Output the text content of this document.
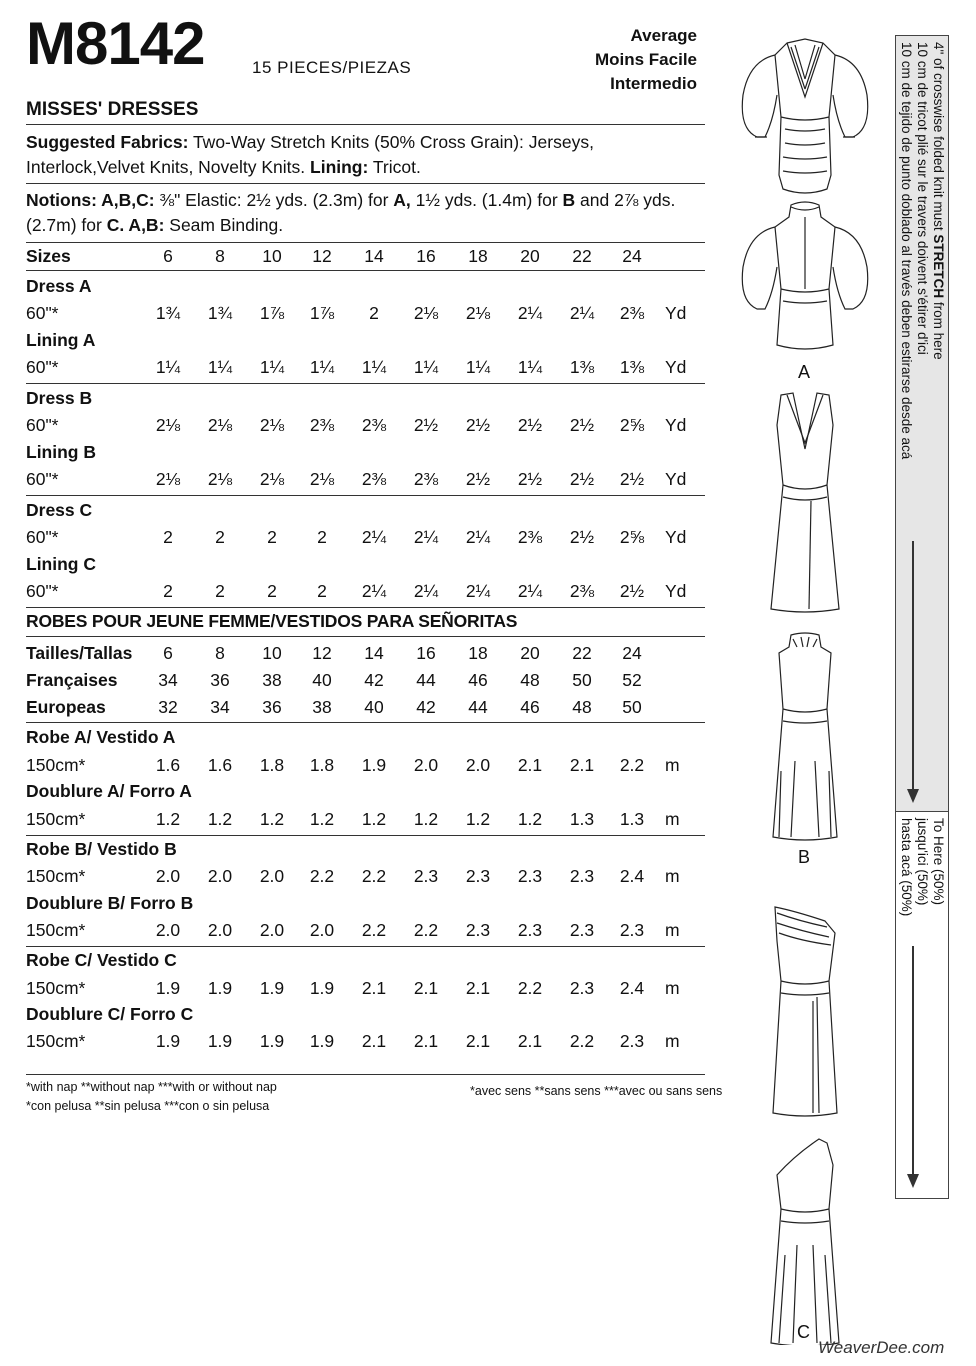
M8142	15 PIECES/PIEZAS
Average
Moins Facile
Intermedio
MISSES' DRESSES
Suggested Fabrics: Two-Way Stretch Knits (50% Cross Grain): Jerseys, Interlock,Velvet Knits, Novelty Knits. Lining: Tricot.
Notions: A,B,C: ⅜" Elastic: 2½ yds. (2.3m) for A, 1½ yds. (1.4m) for B and 2⅞ yds.(2.7m) for C. A,B: Seam Binding.
Sizes	6	8	10	12	14	16	18	20	22	24
Dress A
60"*	1¾	1¾	1⅞	1⅞	2	2⅛	2⅛	2¼	2¼	2⅜	Yd
Lining A
60"*	1¼	1¼	1¼	1¼	1¼	1¼	1¼	1¼	1⅜	1⅜	Yd
Dress B
60"*	2⅛	2⅛	2⅛	2⅜	2⅜	2½	2½	2½	2½	2⅝	Yd
Lining B
60"*	2⅛	2⅛	2⅛	2⅛	2⅜	2⅜	2½	2½	2½	2½	Yd
Dress C
60"*	2	2	2	2	2¼	2¼	2¼	2⅜	2½	2⅝	Yd
Lining C
60"*	2	2	2	2	2¼	2¼	2¼	2¼	2⅜	2½	Yd
ROBES POUR JEUNE FEMME/VESTIDOS PARA SEÑORITAS
Tailles/Tallas	6	8	10	12	14	16	18	20	22	24
Françaises	34	36	38	40	42	44	46	48	50	52
Europeas	32	34	36	38	40	42	44	46	48	50
Robe A/ Vestido A
150cm*	1.6	1.6	1.8	1.8	1.9	2.0	2.0	2.1	2.1	2.2	m
Doublure A/ Forro A
150cm*	1.2	1.2	1.2	1.2	1.2	1.2	1.2	1.2	1.3	1.3	m
Robe B/ Vestido B
150cm*	2.0	2.0	2.0	2.2	2.2	2.3	2.3	2.3	2.3	2.4	m
Doublure B/ Forro B
150cm*	2.0	2.0	2.0	2.0	2.2	2.2	2.3	2.3	2.3	2.3	m
Robe C/ Vestido C
150cm*	1.9	1.9	1.9	1.9	2.1	2.1	2.1	2.2	2.3	2.4	m
Doublure C/ Forro C
150cm*	1.9	1.9	1.9	1.9	2.1	2.1	2.1	2.1	2.2	2.3	m
*with nap **without nap ***with or without nap
*con pelusa **sin pelusa ***con o sin pelusa
*avec sens **sans sens ***avec ou sans sens
4" of crosswise folded knit must STRETCH from here
10 cm de tricot plié sur le travers doivent s'étirer d'ici
10 cm de tejido de punto doblado al través deben estirarse desde acá
To Here (50%)
jusqu'ici (50%)
hasta acá (50%)
A
B
C
WeaverDee.com
